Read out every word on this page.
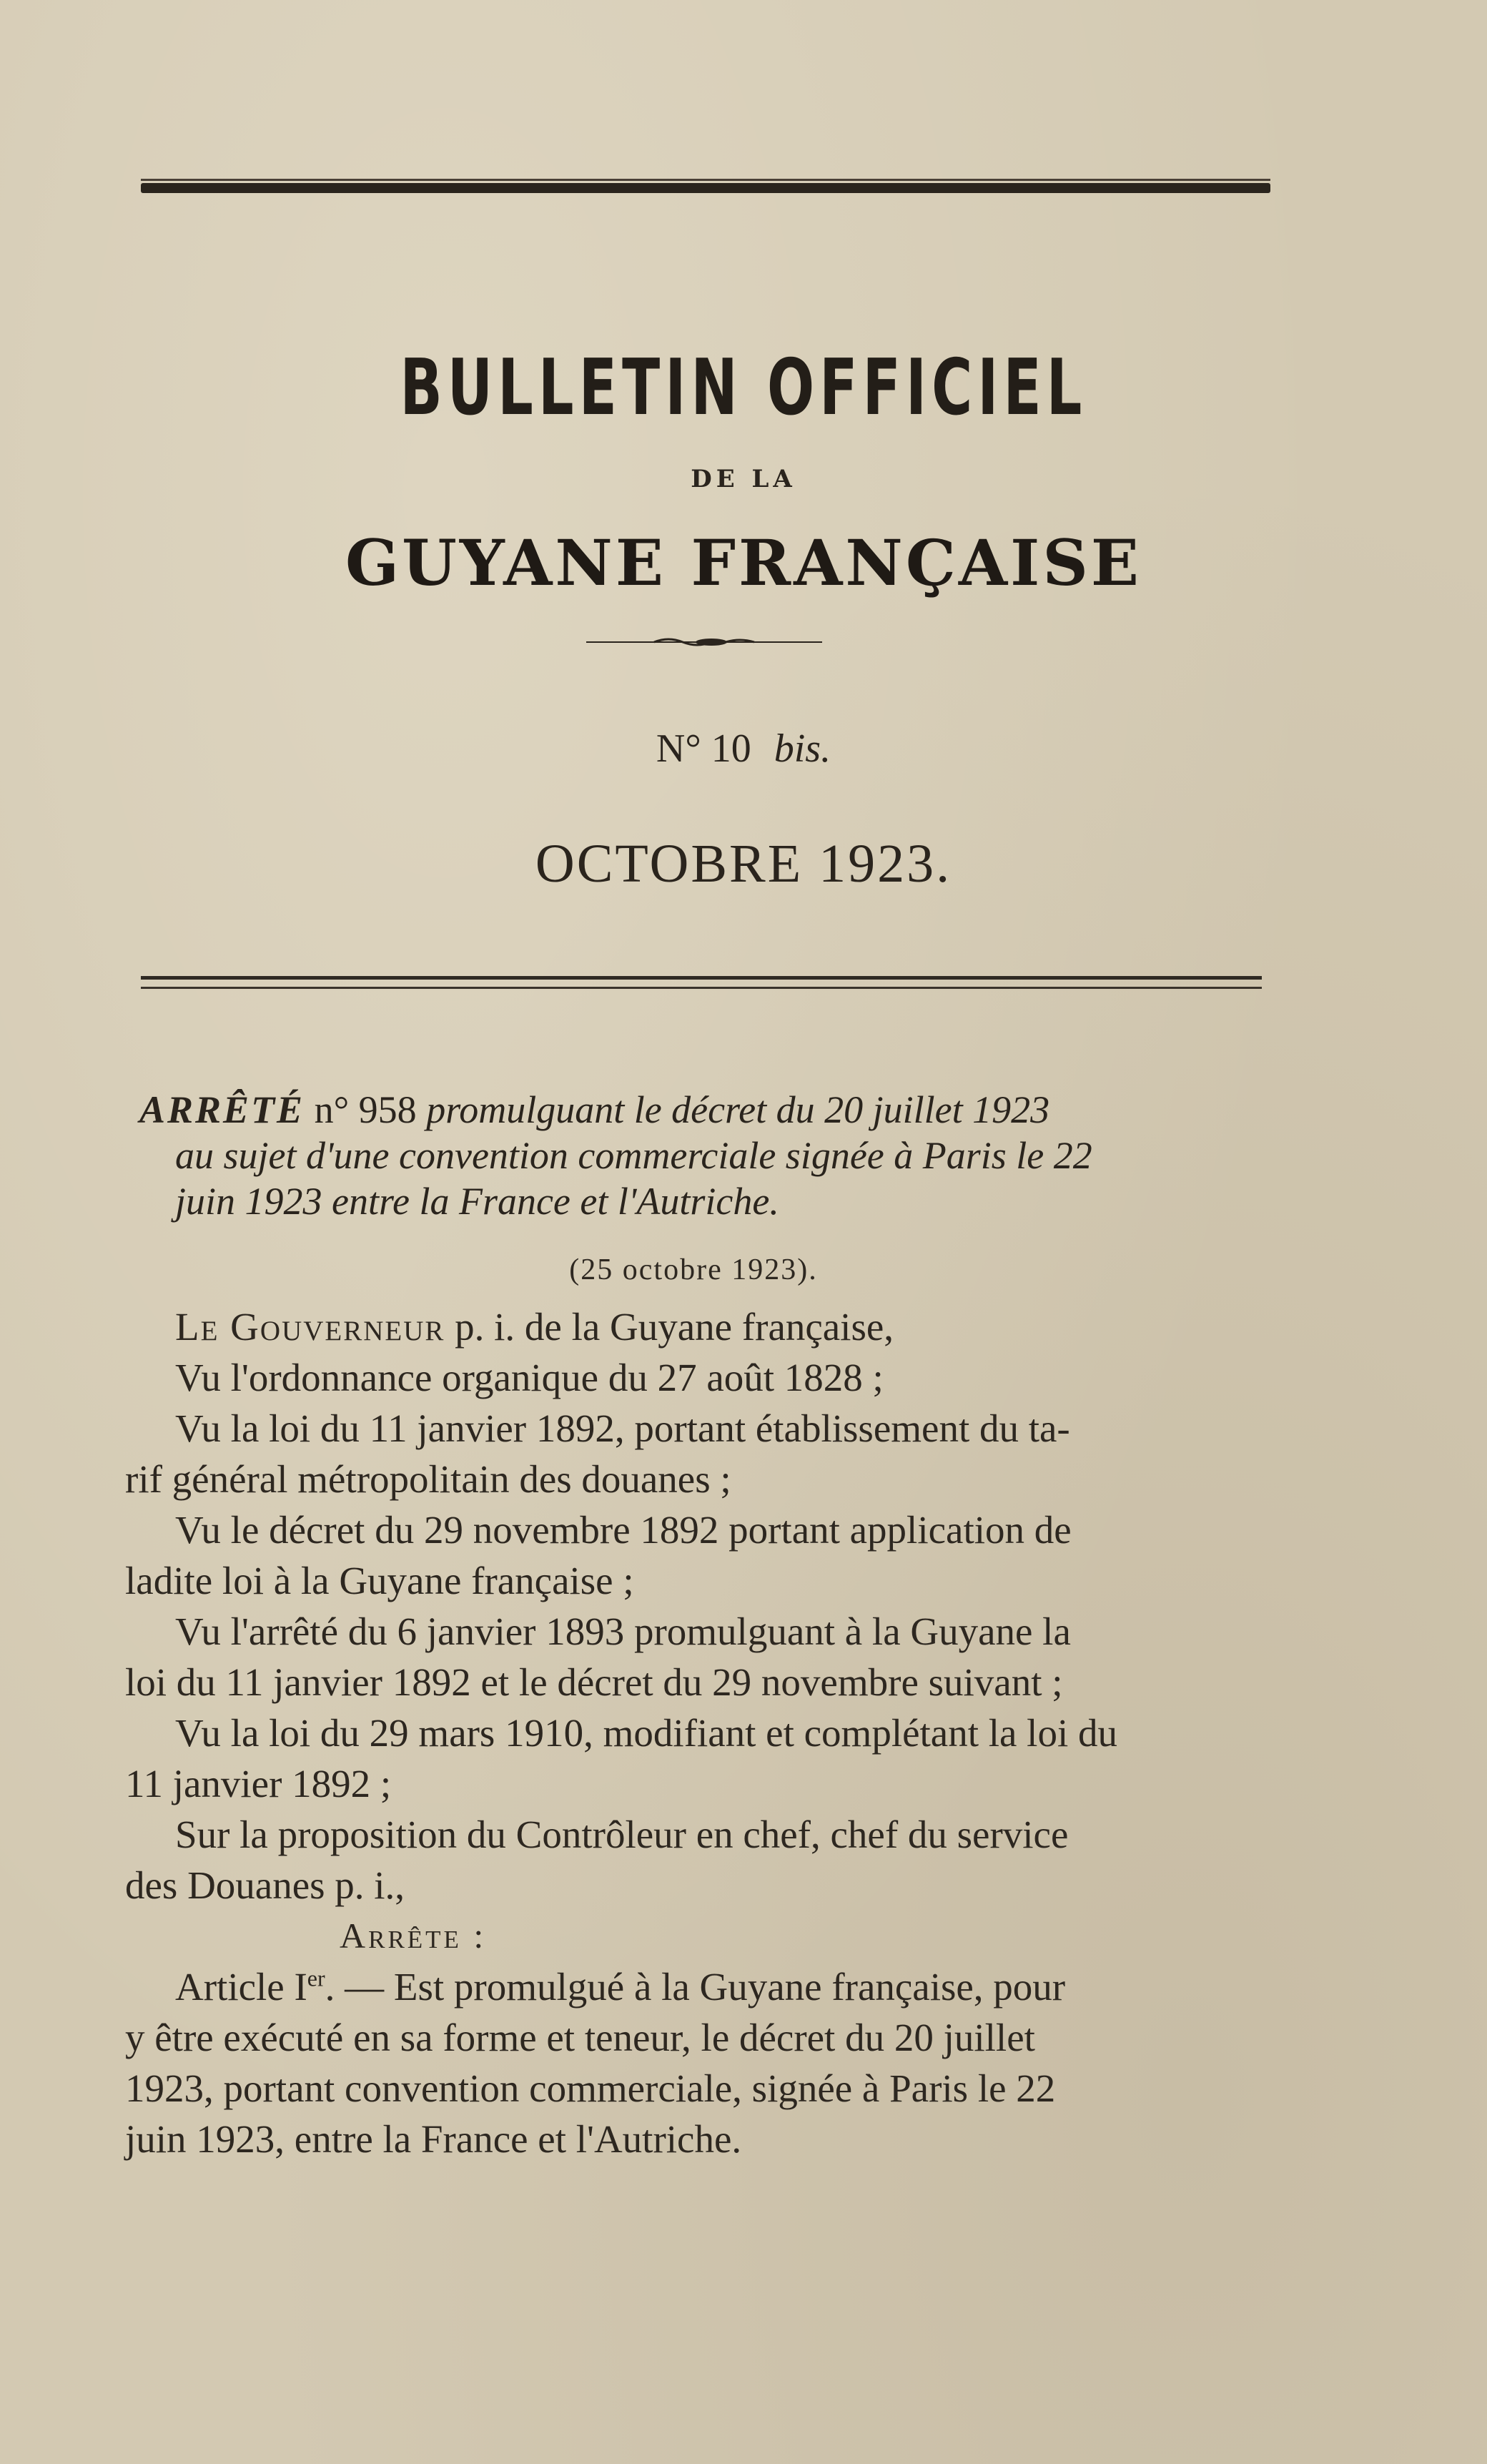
BULLETIN OFFICIEL
DE LA
GUYANE FRANÇAISE
N° 10 bis.
OCTOBRE 1923.
ARRÊTÉ n° 958 promulguant le décret du 20 juillet 1923
au sujet d'une convention commerciale signée à Paris le 22
juin 1923 entre la France et l'Autriche.
(25 octobre 1923).
Le Gouverneur p. i. de la Guyane française,
Vu l'ordonnance organique du 27 août 1828 ;
Vu la loi du 11 janvier 1892, portant établissement du ta-
rif général métropolitain des douanes ;
Vu le décret du 29 novembre 1892 portant application de
ladite loi à la Guyane française ;
Vu l'arrêté du 6 janvier 1893 promulguant à la Guyane la
loi du 11 janvier 1892 et le décret du 29 novembre suivant ;
Vu la loi du 29 mars 1910, modifiant et complétant la loi du
11 janvier 1892 ;
Sur la proposition du Contrôleur en chef, chef du service
des Douanes p. i.,
Arrête :
Article Ier. — Est promulgué à la Guyane française, pour
y être exécuté en sa forme et teneur, le décret du 20 juillet
1923, portant convention commerciale, signée à Paris le 22
juin 1923, entre la France et l'Autriche.
